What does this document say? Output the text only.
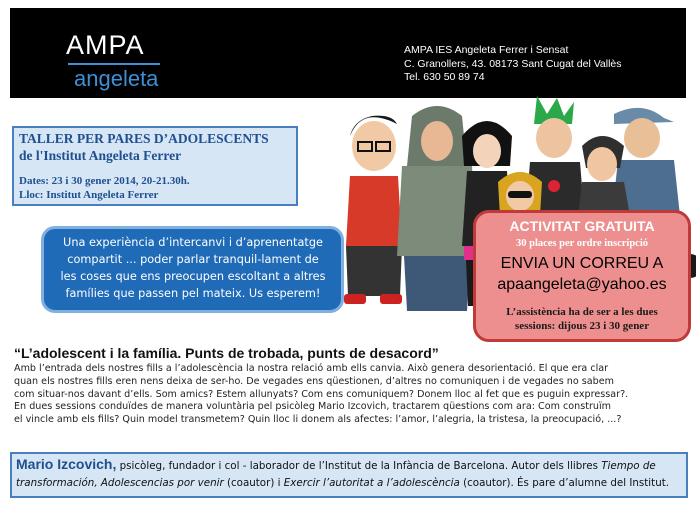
AMPA
angeleta
AMPA IES Angeleta Ferrer i Sensat
C. Granollers, 43. 08173 Sant Cugat del Vallès
Tel. 630 50 89 74
TALLER PER PARES D’ADOLESCENTS
de l'Institut Angeleta Ferrer
Dates: 23 i 30 gener 2014, 20-21.30h.
Lloc: Institut Angeleta Ferrer
Una experiència d’intercanvi i d’aprenentatge
compartit ... poder parlar tranquil-lament de
les coses que ens preocupen escoltant a altres
famílies que passen pel mateix. Us esperem!
ACTIVITAT GRATUITA
30 places per ordre inscripció
ENVIA UN CORREU A
apaangeleta@yahoo.es
L’assistència ha de ser a les dues
sessions: dijous 23 i 30 gener
“L’adolescent i la família. Punts de trobada, punts de desacord”
Amb l’entrada dels nostres fills a l’adolescència la nostra relació amb ells canvia. Això genera desorientació. El que era clar
quan els nostres fills eren nens deixa de ser-ho. De vegades ens qüestionen, d’altres no comuniquen i de vegades no sabem
com situar-nos davant d’ells. Som amics? Estem allunyats? Com ens comuniquem? Donem lloc al fet que es puguin expressar?.
En dues sessions conduïdes de manera voluntària pel psicòleg Mario Izcovich, tractarem qüestions com ara: Com construïm
el vincle amb els fills? Quin model transmetem? Quin lloc li donem als afectes: l’amor, l’alegria, la tristesa, la preocupació, ...?
Mario Izcovich, psicòleg, fundador i col - laborador de l’Institut de la Infància de Barcelona. Autor dels llibres Tiempo de transformación, Adolescencias por venir (coautor) i Exercir l’autoritat a l’adolescència (coautor). És pare d’alumne del Institut.
